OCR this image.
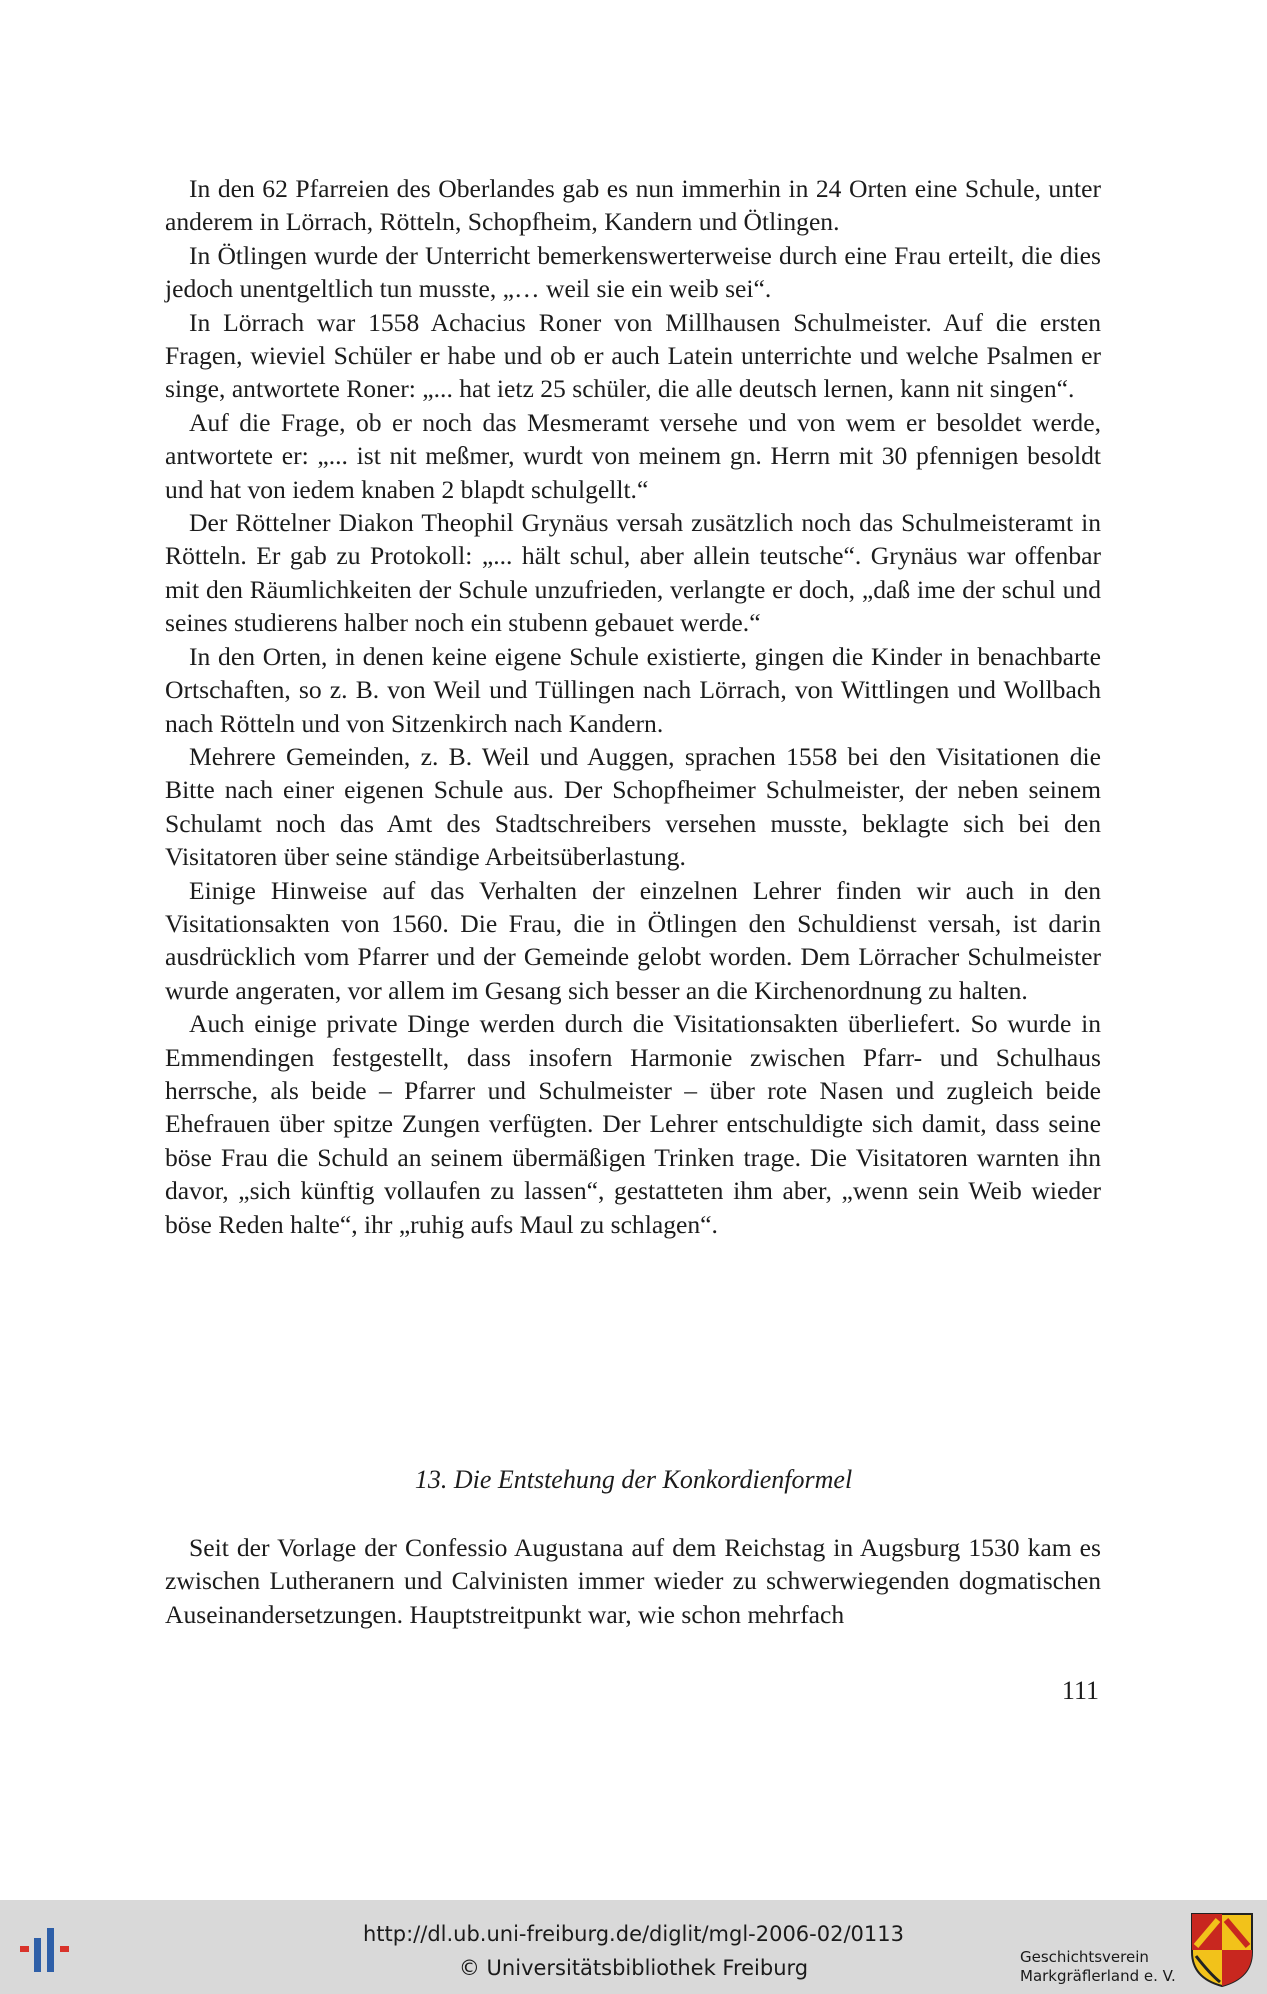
In den 62 Pfarreien des Oberlandes gab es nun immerhin in 24 Orten eine Schule, unter anderem in Lörrach, Rötteln, Schopfheim, Kandern und Ötlingen.

In Ötlingen wurde der Unterricht bemerkenswerterweise durch eine Frau erteilt, die dies jedoch unentgeltlich tun musste, „… weil sie ein weib sei“.

In Lörrach war 1558 Achacius Roner von Millhausen Schulmeister. Auf die ersten Fragen, wieviel Schüler er habe und ob er auch Latein unterrichte und welche Psalmen er singe, antwortete Roner: „... hat ietz 25 schüler, die alle deutsch lernen, kann nit singen“.

Auf die Frage, ob er noch das Mesmeramt versehe und von wem er besoldet werde, antwortete er: „... ist nit meßmer, wurdt von meinem gn. Herrn mit 30 pfennigen besoldt und hat von iedem knaben 2 blapdt schulgellt.“

Der Röttelner Diakon Theophil Grynäus versah zusätzlich noch das Schulmeisteramt in Rötteln. Er gab zu Protokoll: „... hält schul, aber allein teutsche“. Grynäus war offenbar mit den Räumlichkeiten der Schule unzufrieden, verlangte er doch, „daß ime der schul und seines studierens halber noch ein stubenn gebauet werde.“

In den Orten, in denen keine eigene Schule existierte, gingen die Kinder in benachbarte Ortschaften, so z. B. von Weil und Tüllingen nach Lörrach, von Wittlingen und Wollbach nach Rötteln und von Sitzenkirch nach Kandern.

Mehrere Gemeinden, z. B. Weil und Auggen, sprachen 1558 bei den Visitationen die Bitte nach einer eigenen Schule aus. Der Schopfheimer Schulmeister, der neben seinem Schulamt noch das Amt des Stadtschreibers versehen musste, beklagte sich bei den Visitatoren über seine ständige Arbeitsüberlastung.

Einige Hinweise auf das Verhalten der einzelnen Lehrer finden wir auch in den Visitationsakten von 1560. Die Frau, die in Ötlingen den Schuldienst versah, ist darin ausdrücklich vom Pfarrer und der Gemeinde gelobt worden. Dem Lörracher Schulmeister wurde angeraten, vor allem im Gesang sich besser an die Kirchenordnung zu halten.

Auch einige private Dinge werden durch die Visitationsakten überliefert. So wurde in Emmendingen festgestellt, dass insofern Harmonie zwischen Pfarr- und Schulhaus herrsche, als beide – Pfarrer und Schulmeister – über rote Nasen und zugleich beide Ehefrauen über spitze Zungen verfügten. Der Lehrer entschuldigte sich damit, dass seine böse Frau die Schuld an seinem übermäßigen Trinken trage. Die Visitatoren warnten ihn davor, „sich künftig vollaufen zu lassen“, gestatteten ihm aber, „wenn sein Weib wieder böse Reden halte“, ihr „ruhig aufs Maul zu schlagen“.

13. Die Entstehung der Konkordienformel

Seit der Vorlage der Confessio Augustana auf dem Reichstag in Augsburg 1530 kam es zwischen Lutheranern und Calvinisten immer wieder zu schwerwiegenden dogmatischen Auseinandersetzungen. Hauptstreitpunkt war, wie schon mehrfach

111
http://dl.ub.uni-freiburg.de/diglit/mgl-2006-02/0113
© Universitätsbibliothek Freiburg	Geschichtsverein
Markgräflerland e. V.
